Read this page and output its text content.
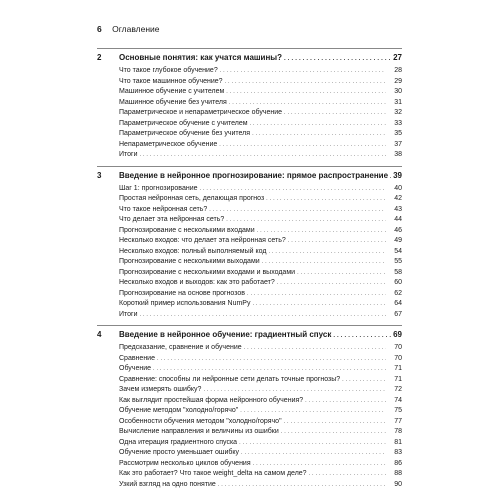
6 Оглавление
2	Основные понятия: как учатся машины? . . .	27
Что такое глубокое обучение? . . .	28
Что такое машинное обучение? . . .	29
Машинное обучение с учителем . . .	30
Машинное обучение без учителя . . .	31
Параметрическое и непараметрическое обучение . . .	32
Параметрическое обучение с учителем . . .	33
Параметрическое обучение без учителя . . .	35
Непараметрическое обучение . . .	37
Итоги . . .	38
3	Введение в нейронное прогнозирование: прямое распространение . . . 39
Шаг 1: прогнозирование . . .	40
Простая нейронная сеть, делающая прогноз . . .	42
Что такое нейронная сеть? . . .	43
Что делает эта нейронная сеть? . . .	44
Прогнозирование с несколькими входами . . .	46
Несколько входов: что делает эта нейронная сеть? . . .	49
Несколько входов: полный выполняемый код . . .	54
Прогнозирование с несколькими выходами . . .	55
Прогнозирование с несколькими входами и выходами . . .	58
Несколько входов и выходов: как это работает? . . .	60
Прогнозирование на основе прогнозов . . .	62
Короткий пример использования NumPy . . .	64
Итоги . . .	67
4	Введение в нейронное обучение: градиентный спуск . . .	69
Предсказание, сравнение и обучение . . .	70
Сравнение . . .	70
Обучение . . .	71
Сравнение: способны ли нейронные сети делать точные прогнозы? . . .	71
Зачем измерять ошибку? . . .	72
Как выглядит простейшая форма нейронного обучения? . . .	74
Обучение методом "холодно/горячо" . . .	75
Особенности обучения методом "холодно/горячо" . . .	77
Вычисление направления и величины из ошибки . . .	78
Одна итерация градиентного спуска . . .	81
Обучение просто уменьшает ошибку . . .	83
Рассмотрим несколько циклов обучения . . .	86
Как это работает? Что такое weight_delta на самом деле? . . .	88
Узкий взгляд на одно понятие . . .	90
